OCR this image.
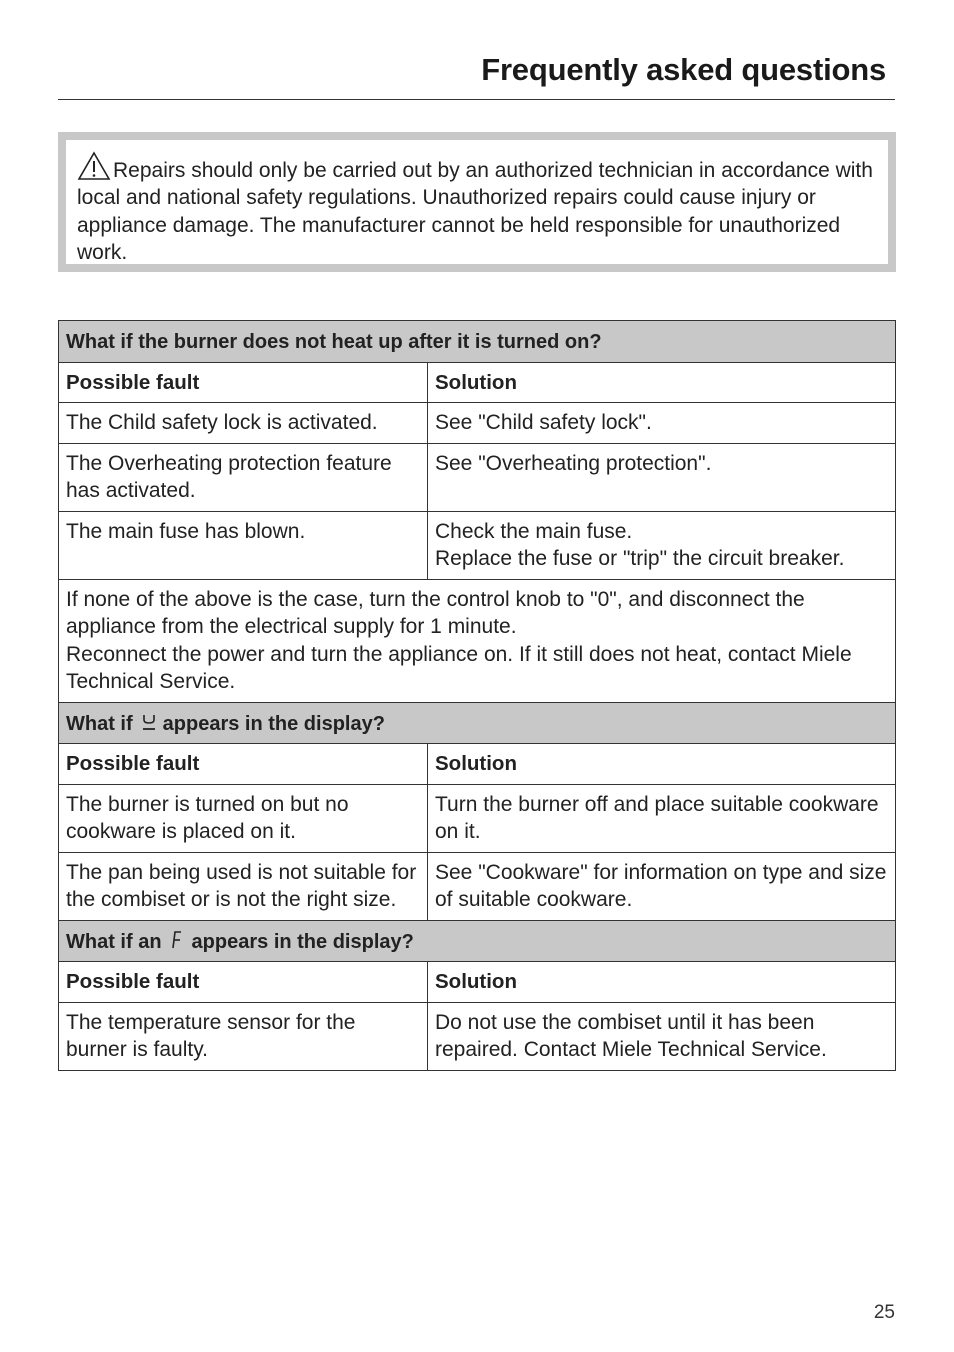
Frequently asked questions
Repairs should only be carried out by an authorized technician in accordance with local and national safety regulations. Unauthorized repairs could cause injury or appliance damage. The manufacturer cannot be held responsible for unauthorized work.
What if the burner does not heat up after it is turned on?	
Possible fault	Solution
The Child safety lock is activated.	See "Child safety lock".
The Overheating protection feature has activated.	See "Overheating protection".
The main fuse has blown.	Check the main fuse.
Replace the fuse or "trip" the circuit breaker.

If none of the above is the case, turn the control knob to "0", and disconnect the appliance from the electrical supply for 1 minute.
Reconnect the power and turn the appliance on. If it still does not heat, contact Miele Technical Service.	

What if appears in the display?	
Possible fault	Solution
The burner is turned on but no cookware is placed on it.	Turn the burner off and place suitable cookware on it.
The pan being used is not suitable for the combiset or is not the right size.	See "Cookware" for information on type and size of suitable cookware.
What if an appears in the display?	
Possible fault	Solution
The temperature sensor for the burner is faulty.	Do not use the combiset until it has been repaired. Contact Miele Technical Service.
25
